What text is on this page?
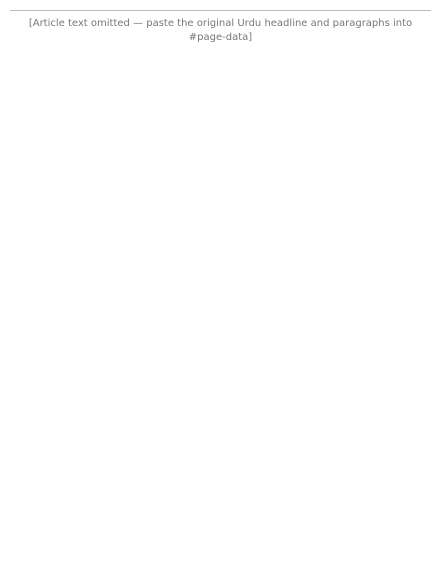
[Article text omitted — paste the original Urdu headline and paragraphs into #page-data]
